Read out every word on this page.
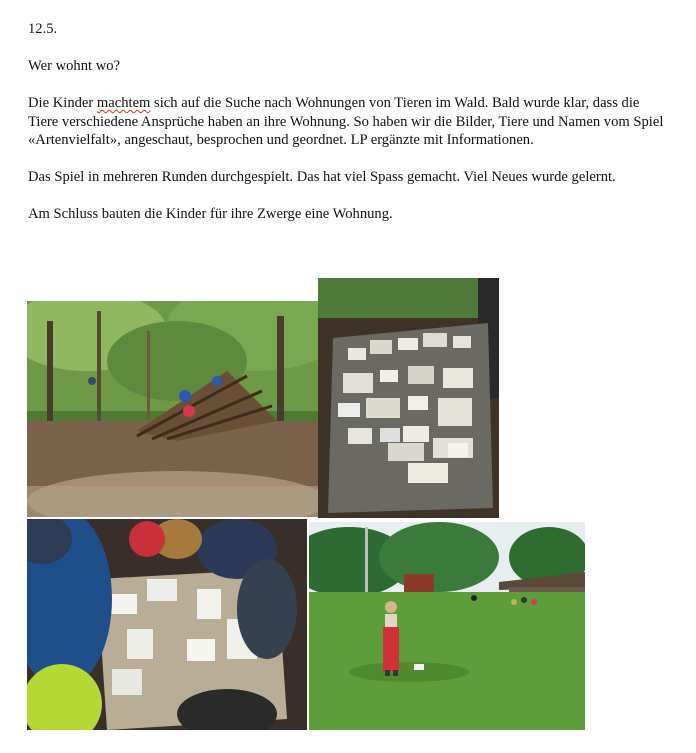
12.5.

Wer wohnt wo?

Die Kinder machtem sich auf die Suche nach Wohnungen von Tieren im Wald. Bald wurde klar, dass die Tiere verschiedene Ansprüche haben an ihre Wohnung. So haben wir die Bilder, Tiere und Namen vom Spiel «Artenvielfalt», angeschaut, besprochen und geordnet. LP ergänzte mit Informationen.

Das Spiel in mehreren Runden durchgespielt. Das hat viel Spass gemacht. Viel Neues wurde gelernt.

Am Schluss bauten die Kinder für ihre Zwerge eine Wohnung.
